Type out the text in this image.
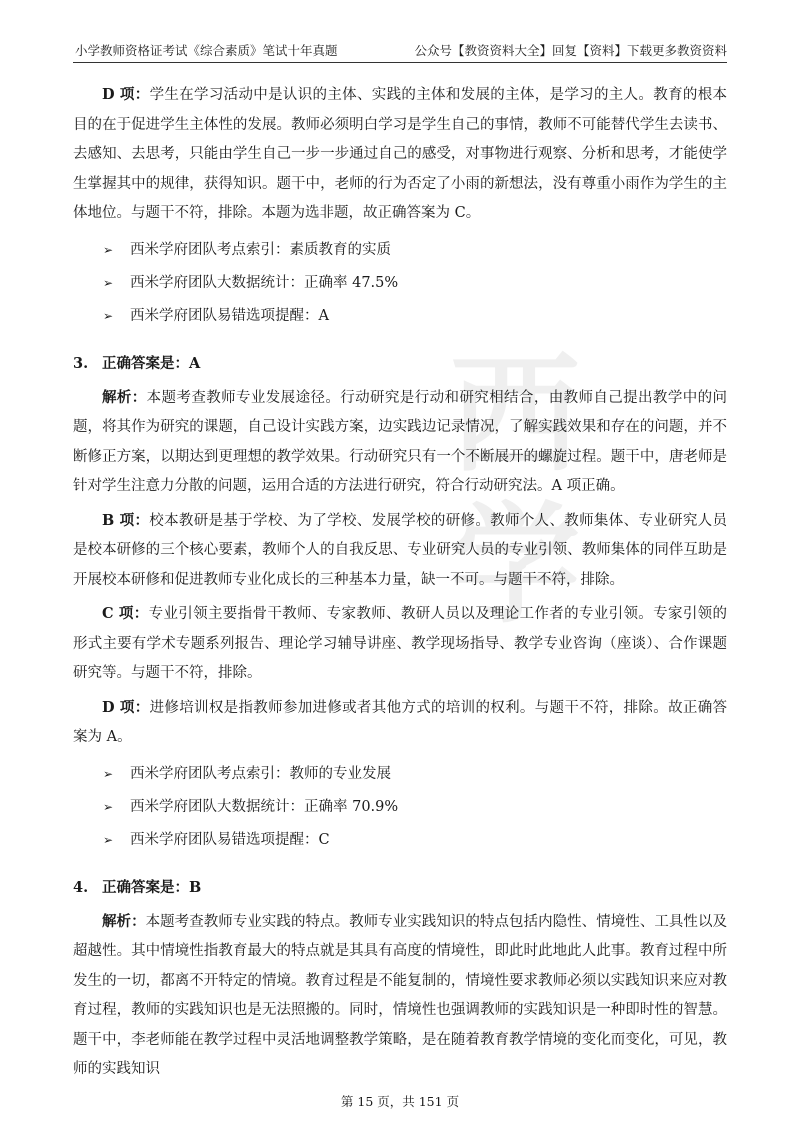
小学教师资格证考试《综合素质》笔试十年真题	公众号【教资资料大全】回复【资料】下载更多教资资料
西
学

D 项：学生在学习活动中是认识的主体、实践的主体和发展的主体，是学习的主人。教育的根本目的在于促进学生主体性的发展。教师必须明白学习是学生自己的事情，教师不可能替代学生去读书、去感知、去思考，只能由学生自己一步一步通过自己的感受，对事物进行观察、分析和思考，才能使学生掌握其中的规律，获得知识。题干中，老师的行为否定了小雨的新想法，没有尊重小雨作为学生的主体地位。与题干不符，排除。本题为选非题，故正确答案为 C。

➢ 西米学府团队考点索引：素质教育的实质
➢ 西米学府团队大数据统计：正确率 47.5%
➢ 西米学府团队易错选项提醒：A
3. 正确答案是：A

解析：本题考查教师专业发展途径。行动研究是行动和研究相结合，由教师自己提出教学中的问题，将其作为研究的课题，自己设计实践方案，边实践边记录情况，了解实践效果和存在的问题，并不断修正方案，以期达到更理想的教学效果。行动研究只有一个不断展开的螺旋过程。题干中，唐老师是针对学生注意力分散的问题，运用合适的方法进行研究，符合行动研究法。A 项正确。

B 项：校本教研是基于学校、为了学校、发展学校的研修。教师个人、教师集体、专业研究人员是校本研修的三个核心要素，教师个人的自我反思、专业研究人员的专业引领、教师集体的同伴互助是开展校本研修和促进教师专业化成长的三种基本力量，缺一不可。与题干不符，排除。

C 项：专业引领主要指骨干教师、专家教师、教研人员以及理论工作者的专业引领。专家引领的形式主要有学术专题系列报告、理论学习辅导讲座、教学现场指导、教学专业咨询（座谈）、合作课题研究等。与题干不符，排除。

D 项：进修培训权是指教师参加进修或者其他方式的培训的权利。与题干不符，排除。故正确答案为 A。

➢ 西米学府团队考点索引：教师的专业发展
➢ 西米学府团队大数据统计：正确率 70.9%
➢ 西米学府团队易错选项提醒：C
4. 正确答案是：B

解析：本题考查教师专业实践的特点。教师专业实践知识的特点包括内隐性、情境性、工具性以及超越性。其中情境性指教育最大的特点就是其具有高度的情境性，即此时此地此人此事。教育过程中所发生的一切，都离不开特定的情境。教育过程是不能复制的，情境性要求教师必须以实践知识来应对教育过程，教师的实践知识也是无法照搬的。同时，情境性也强调教师的实践知识是一种即时性的智慧。题干中，李老师能在教学过程中灵活地调整教学策略，是在随着教育教学情境的变化而变化，可见，教师的实践知识

第 15 页，共 151 页
